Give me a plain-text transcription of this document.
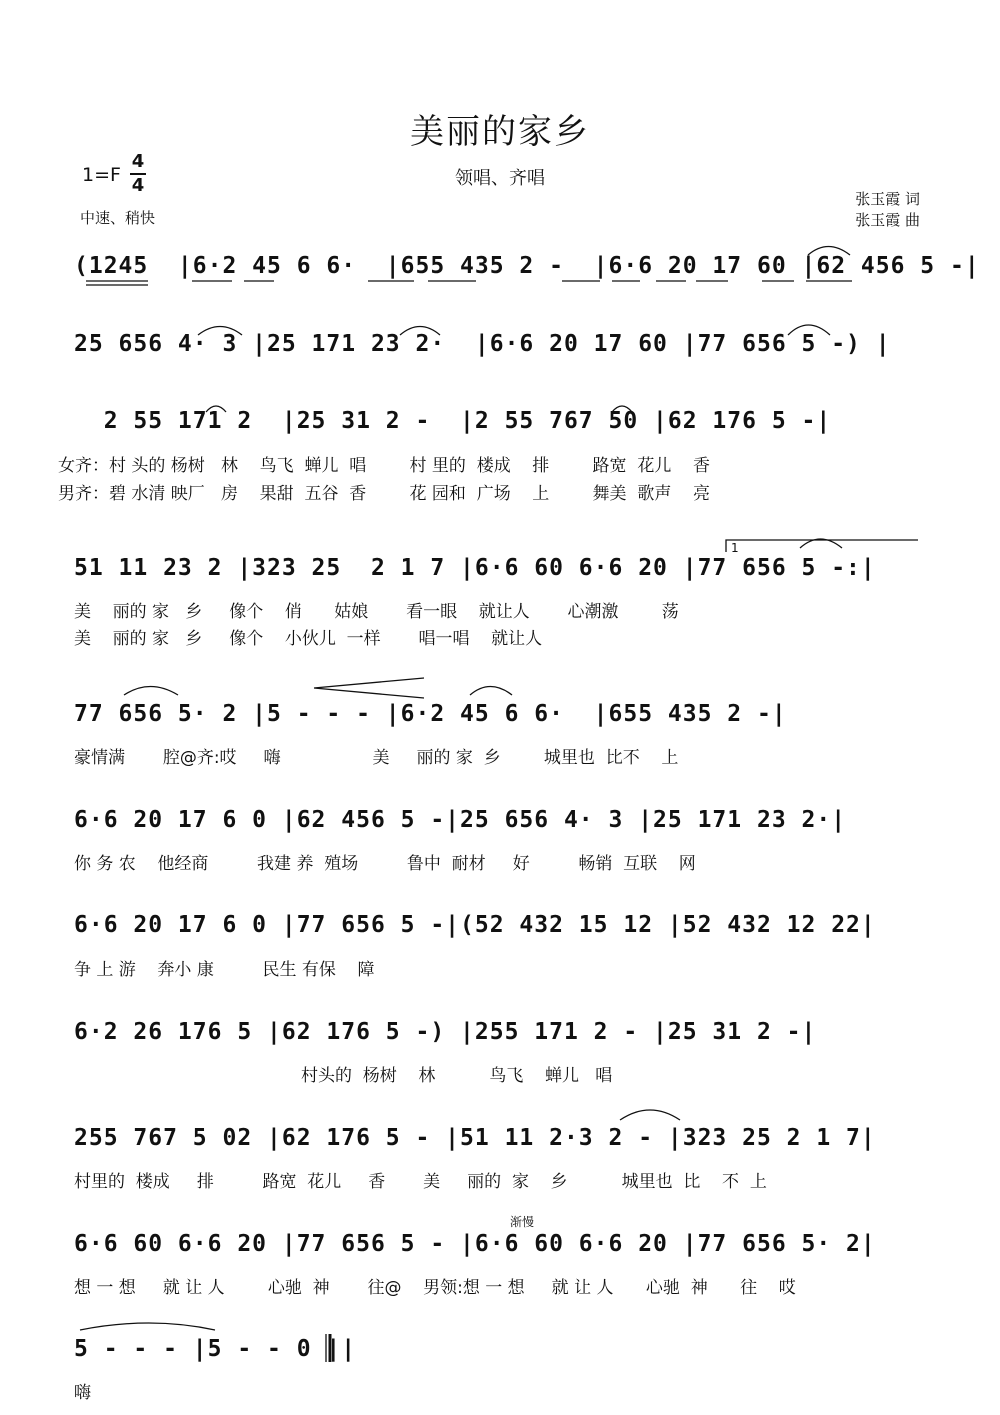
美丽的家乡
领唱、齐唱
1=F
4
4
中速、稍快
张玉霞 词
张玉霞 曲
(1245  |6·2 45 6 6·  |655 435 2 -  |6·6 20 17 60 |62 456 5 -|
25 656 4· 3 |25 171 23 2·  |6·6 20 17 60 |77 656 5 -) |
2 55 171 2  |25 31 2 -  |2 55 767 50 |62 176 5 -|
51 11 23 2 |323 25  2 1 7 |6·6 60 6·6 20 |77 656 5 -:|
77 656 5· 2 |5 - - - |6·2 45 6 6·  |655 435 2 -|
6·6 20 17 6 0 |62 456 5 -|25 656 4· 3 |25 171 23 2·|
6·6 20 17 6 0 |77 656 5 -|(52 432 15 12 |52 432 12 22|
6·2 26 176 5 |62 176 5 -) |255 171 2 - |25 31 2 -|
255 767 5 02 |62 176 5 - |51 11 2·3 2 - |323 25 2 1 7|
6·6 60 6·6 20 |77 656 5 - |6·6 60 6·6 20 |77 656 5· 2|
5 - - - |5 - - 0 ||
女齐：村 头的 杨树   林    鸟飞  蝉儿  唱        村 里的  楼成    排        路宽  花儿    香
男齐：碧 水清 映厂   房    果甜  五谷  香        花 园和  广场    上        舞美  歌声    亮
美    丽的 家   乡     像个    俏      姑娘       看一眼    就让人       心潮激        荡
美    丽的 家   乡     像个    小伙儿  一样       唱一唱    就让人
豪情满       腔@齐:哎     嗨                 美     丽的 家  乡        城里也  比不    上
你 务 农    他经商         我建 养  殖场         鲁中  耐材     好         畅销  互联    网
争 上 游    奔小 康         民生 有保    障
村头的  杨树    林          鸟飞    蝉儿   唱
村里的  楼成     排         路宽  花儿     香       美     丽的  家    乡          城里也  比    不  上
想 一 想     就 让 人        心驰  神       往@    男领:想 一 想     就 让 人      心驰  神      往    哎
嗨
1
渐慢
